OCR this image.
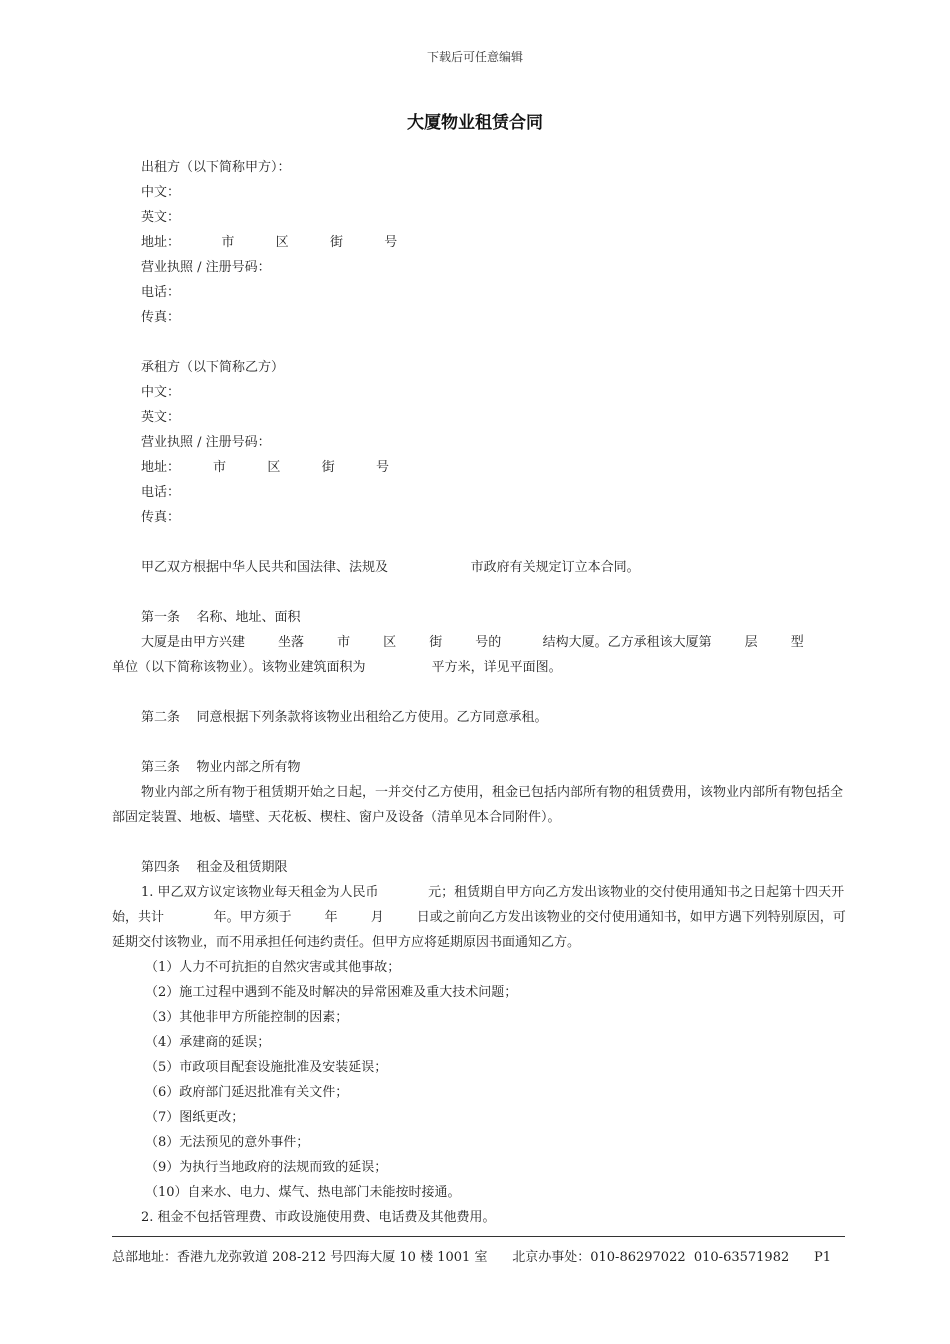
下载后可任意编辑
大厦物业租赁合同
出租方（以下简称甲方）：
中文：
英文：
地址：          市          区          街          号
营业执照 / 注册号码：
电话：
传真：
承租方（以下简称乙方）
中文：
英文：
营业执照 / 注册号码：
地址：        市          区          街          号
电话：
传真：
甲乙双方根据中华人民共和国法律、法规及                    市政府有关规定订立本合同。
第一条    名称、地址、面积
大厦是由甲方兴建        坐落        市        区        街        号的          结构大厦。乙方承租该大厦第        层        型
单位（以下简称该物业）。该物业建筑面积为                平方米，详见平面图。
第二条    同意根据下列条款将该物业出租给乙方使用。乙方同意承租。
第三条    物业内部之所有物
物业内部之所有物于租赁期开始之日起，一并交付乙方使用，租金已包括内部所有物的租赁费用，该物业内部所有物包括全部固定装置、地板、墙壁、天花板、楔柱、窗户及设备（清单见本合同附件）。
第四条    租金及租赁期限
1. 甲乙双方议定该物业每天租金为人民币            元；租赁期自甲方向乙方发出该物业的交付使用通知书之日起第十四天开始，共计            年。甲方须于        年        月        日或之前向乙方发出该物业的交付使用通知书，如甲方遇下列特别原因，可延期交付该物业，而不用承担任何违约责任。但甲方应将延期原因书面通知乙方。
（1）人力不可抗拒的自然灾害或其他事故；
（2）施工过程中遇到不能及时解决的异常困难及重大技术问题；
（3）其他非甲方所能控制的因素；
（4）承建商的延误；
（5）市政项目配套设施批准及安装延误；
（6）政府部门延迟批准有关文件；
（7）图纸更改；
（8）无法预见的意外事件；
（9）为执行当地政府的法规而致的延误；
（10）自来水、电力、煤气、热电部门未能按时接通。
2. 租金不包括管理费、市政设施使用费、电话费及其他费用。
总部地址：香港九龙弥敦道 208-212 号四海大厦 10 楼 1001 室      北京办事处：010-86297022  010-63571982      P1
